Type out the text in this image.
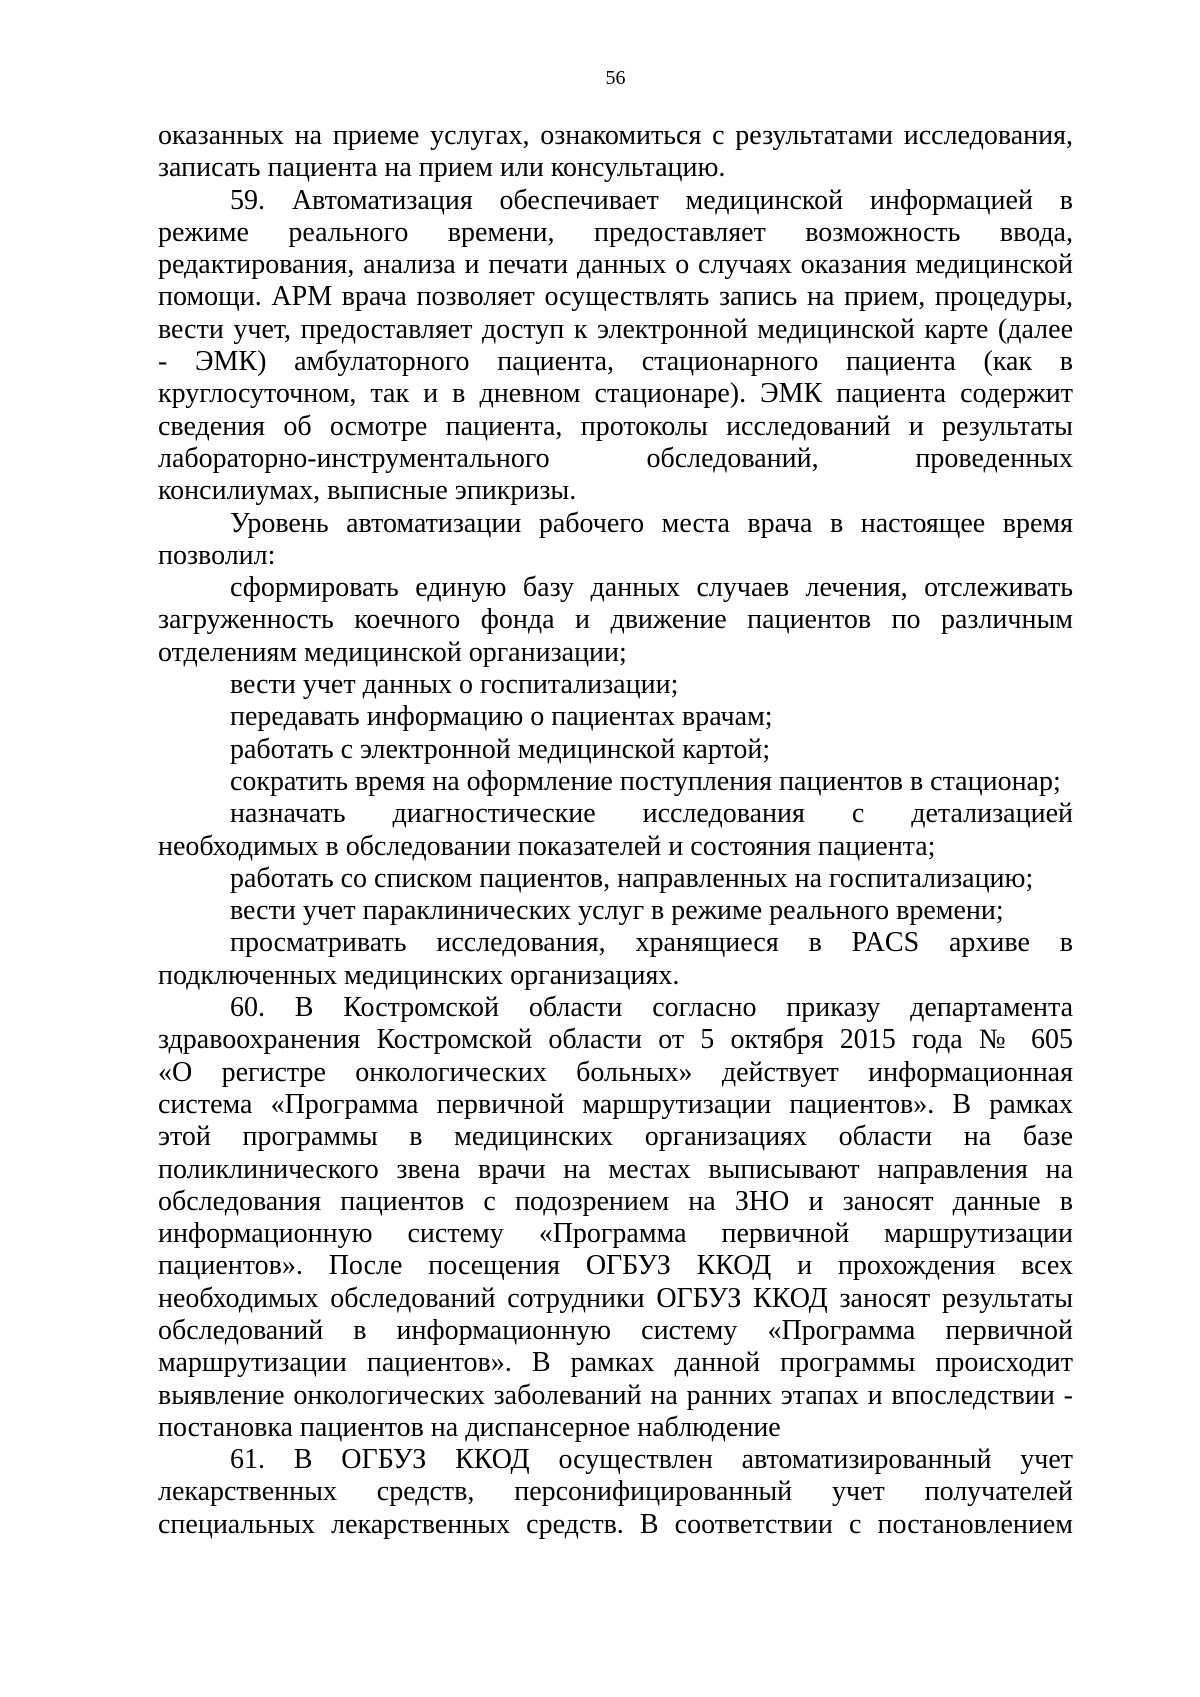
56
оказанных на приеме услугах, ознакомиться с результатами исследования,
записать пациента на прием или консультацию.
59. Автоматизация обеспечивает медицинской информацией в
режиме реального времени, предоставляет возможность ввода,
редактирования, анализа и печати данных о случаях оказания медицинской
помощи. АРМ врача позволяет осуществлять запись на прием, процедуры,
вести учет, предоставляет доступ к электронной медицинской карте (далее
- ЭМК) амбулаторного пациента, стационарного пациента (как в
круглосуточном, так и в дневном стационаре). ЭМК пациента содержит
сведения об осмотре пациента, протоколы исследований и результаты
лабораторно-инструментального обследований, проведенных
консилиумах, выписные эпикризы.
Уровень автоматизации рабочего места врача в настоящее время
позволил:
сформировать единую базу данных случаев лечения, отслеживать
загруженность коечного фонда и движение пациентов по различным
отделениям медицинской организации;
вести учет данных о госпитализации;
передавать информацию о пациентах врачам;
работать с электронной медицинской картой;
сократить время на оформление поступления пациентов в стационар;
назначать диагностические исследования с детализацией
необходимых в обследовании показателей и состояния пациента;
работать со списком пациентов, направленных на госпитализацию;
вести учет параклинических услуг в режиме реального времени;
просматривать исследования, хранящиеся в PACS архиве в
подключенных медицинских организациях.
60. В Костромской области согласно приказу департамента
здравоохранения Костромской области от 5 октября 2015 года № 605
«О регистре онкологических больных» действует информационная
система «Программа первичной маршрутизации пациентов». В рамках
этой программы в медицинских организациях области на базе
поликлинического звена врачи на местах выписывают направления на
обследования пациентов с подозрением на ЗНО и заносят данные в
информационную систему «Программа первичной маршрутизации
пациентов». После посещения ОГБУЗ ККОД и прохождения всех
необходимых обследований сотрудники ОГБУЗ ККОД заносят результаты
обследований в информационную систему «Программа первичной
маршрутизации пациентов». В рамках данной программы происходит
выявление онкологических заболеваний на ранних этапах и впоследствии -
постановка пациентов на диспансерное наблюдение
61. В ОГБУЗ ККОД осуществлен автоматизированный учет
лекарственных средств, персонифицированный учет получателей
специальных лекарственных средств. В соответствии с постановлением
